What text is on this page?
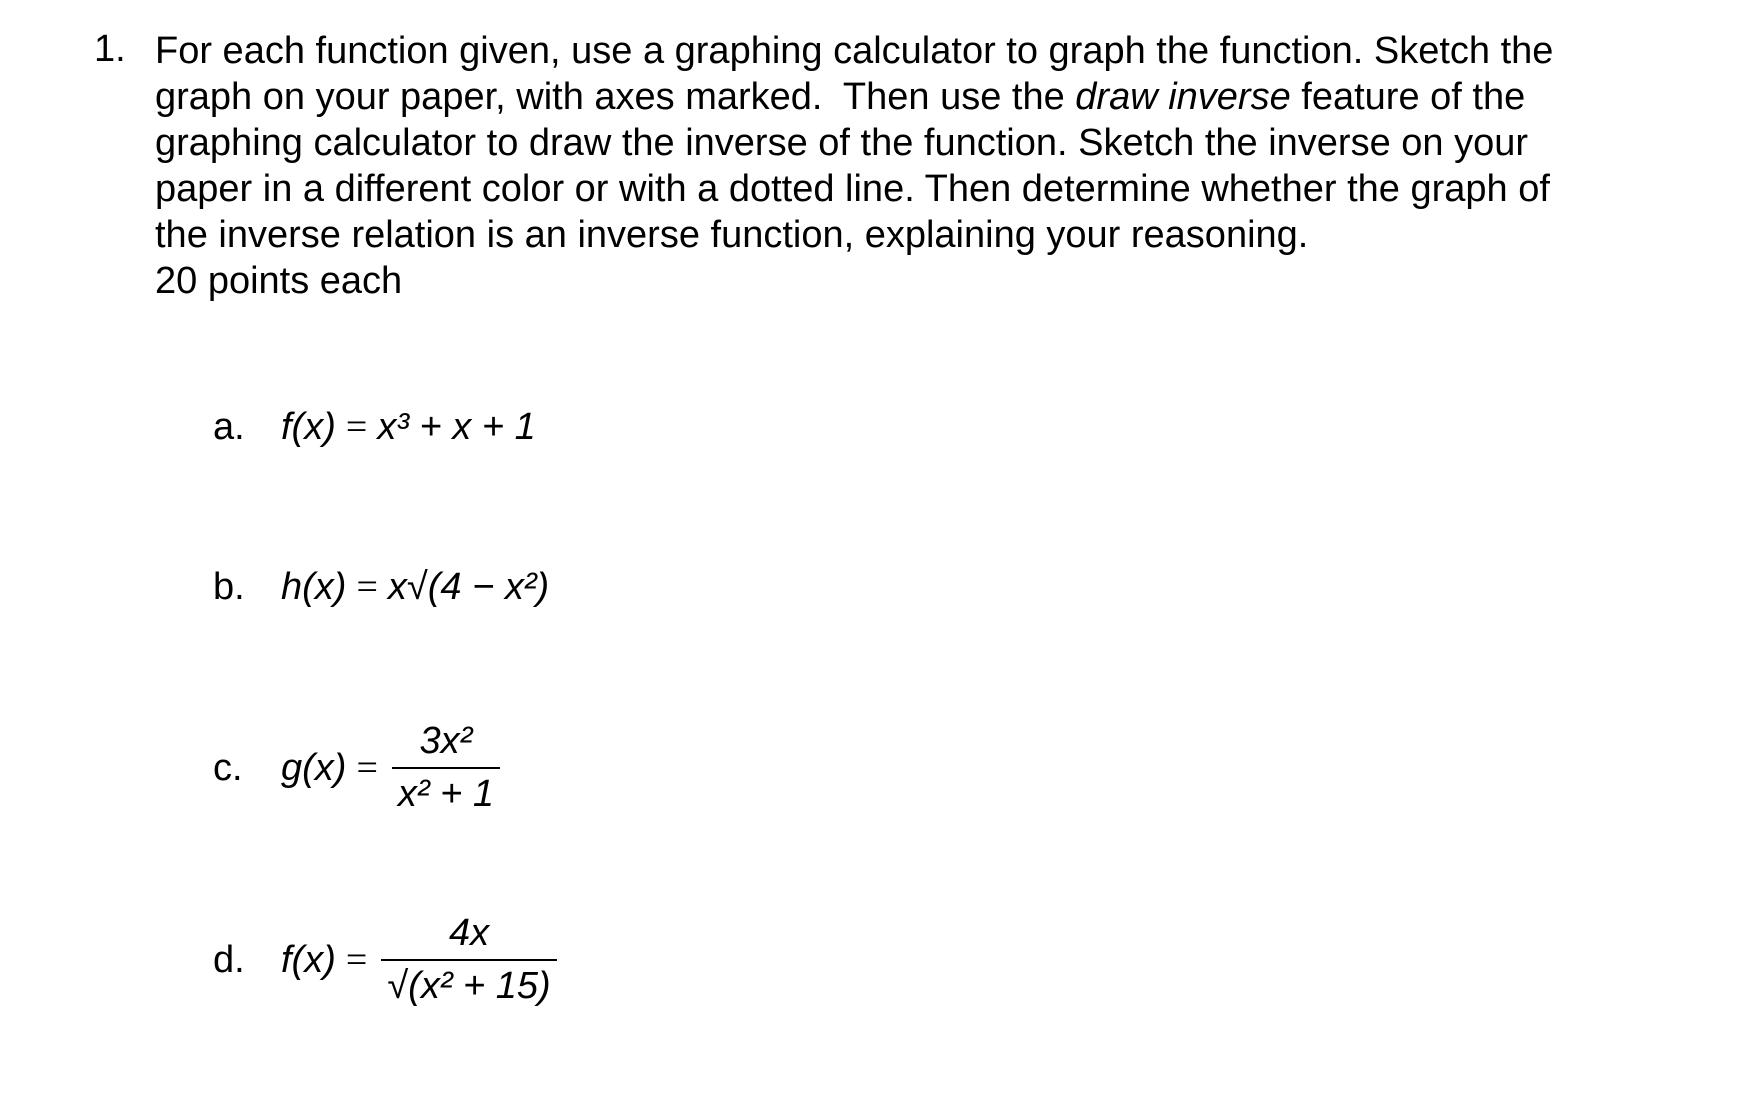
1. For each function given, use a graphing calculator to graph the function. Sketch the
graph on your paper, with axes marked.  Then use the draw inverse feature of the
graphing calculator to draw the inverse of the function. Sketch the inverse on your
paper in a different color or with a dotted line. Then determine whether the graph of
the inverse relation is an inverse function, explaining your reasoning.
20 points each
a. f(x) = x³ + x + 1
b. h(x) = x√(4 − x²)
c.	$g(x) = \frac{\text{3x²}}{\text{x² + 1}}$
d. $f(x) = \frac{4x}{\text{√(x² + 15)}}$
